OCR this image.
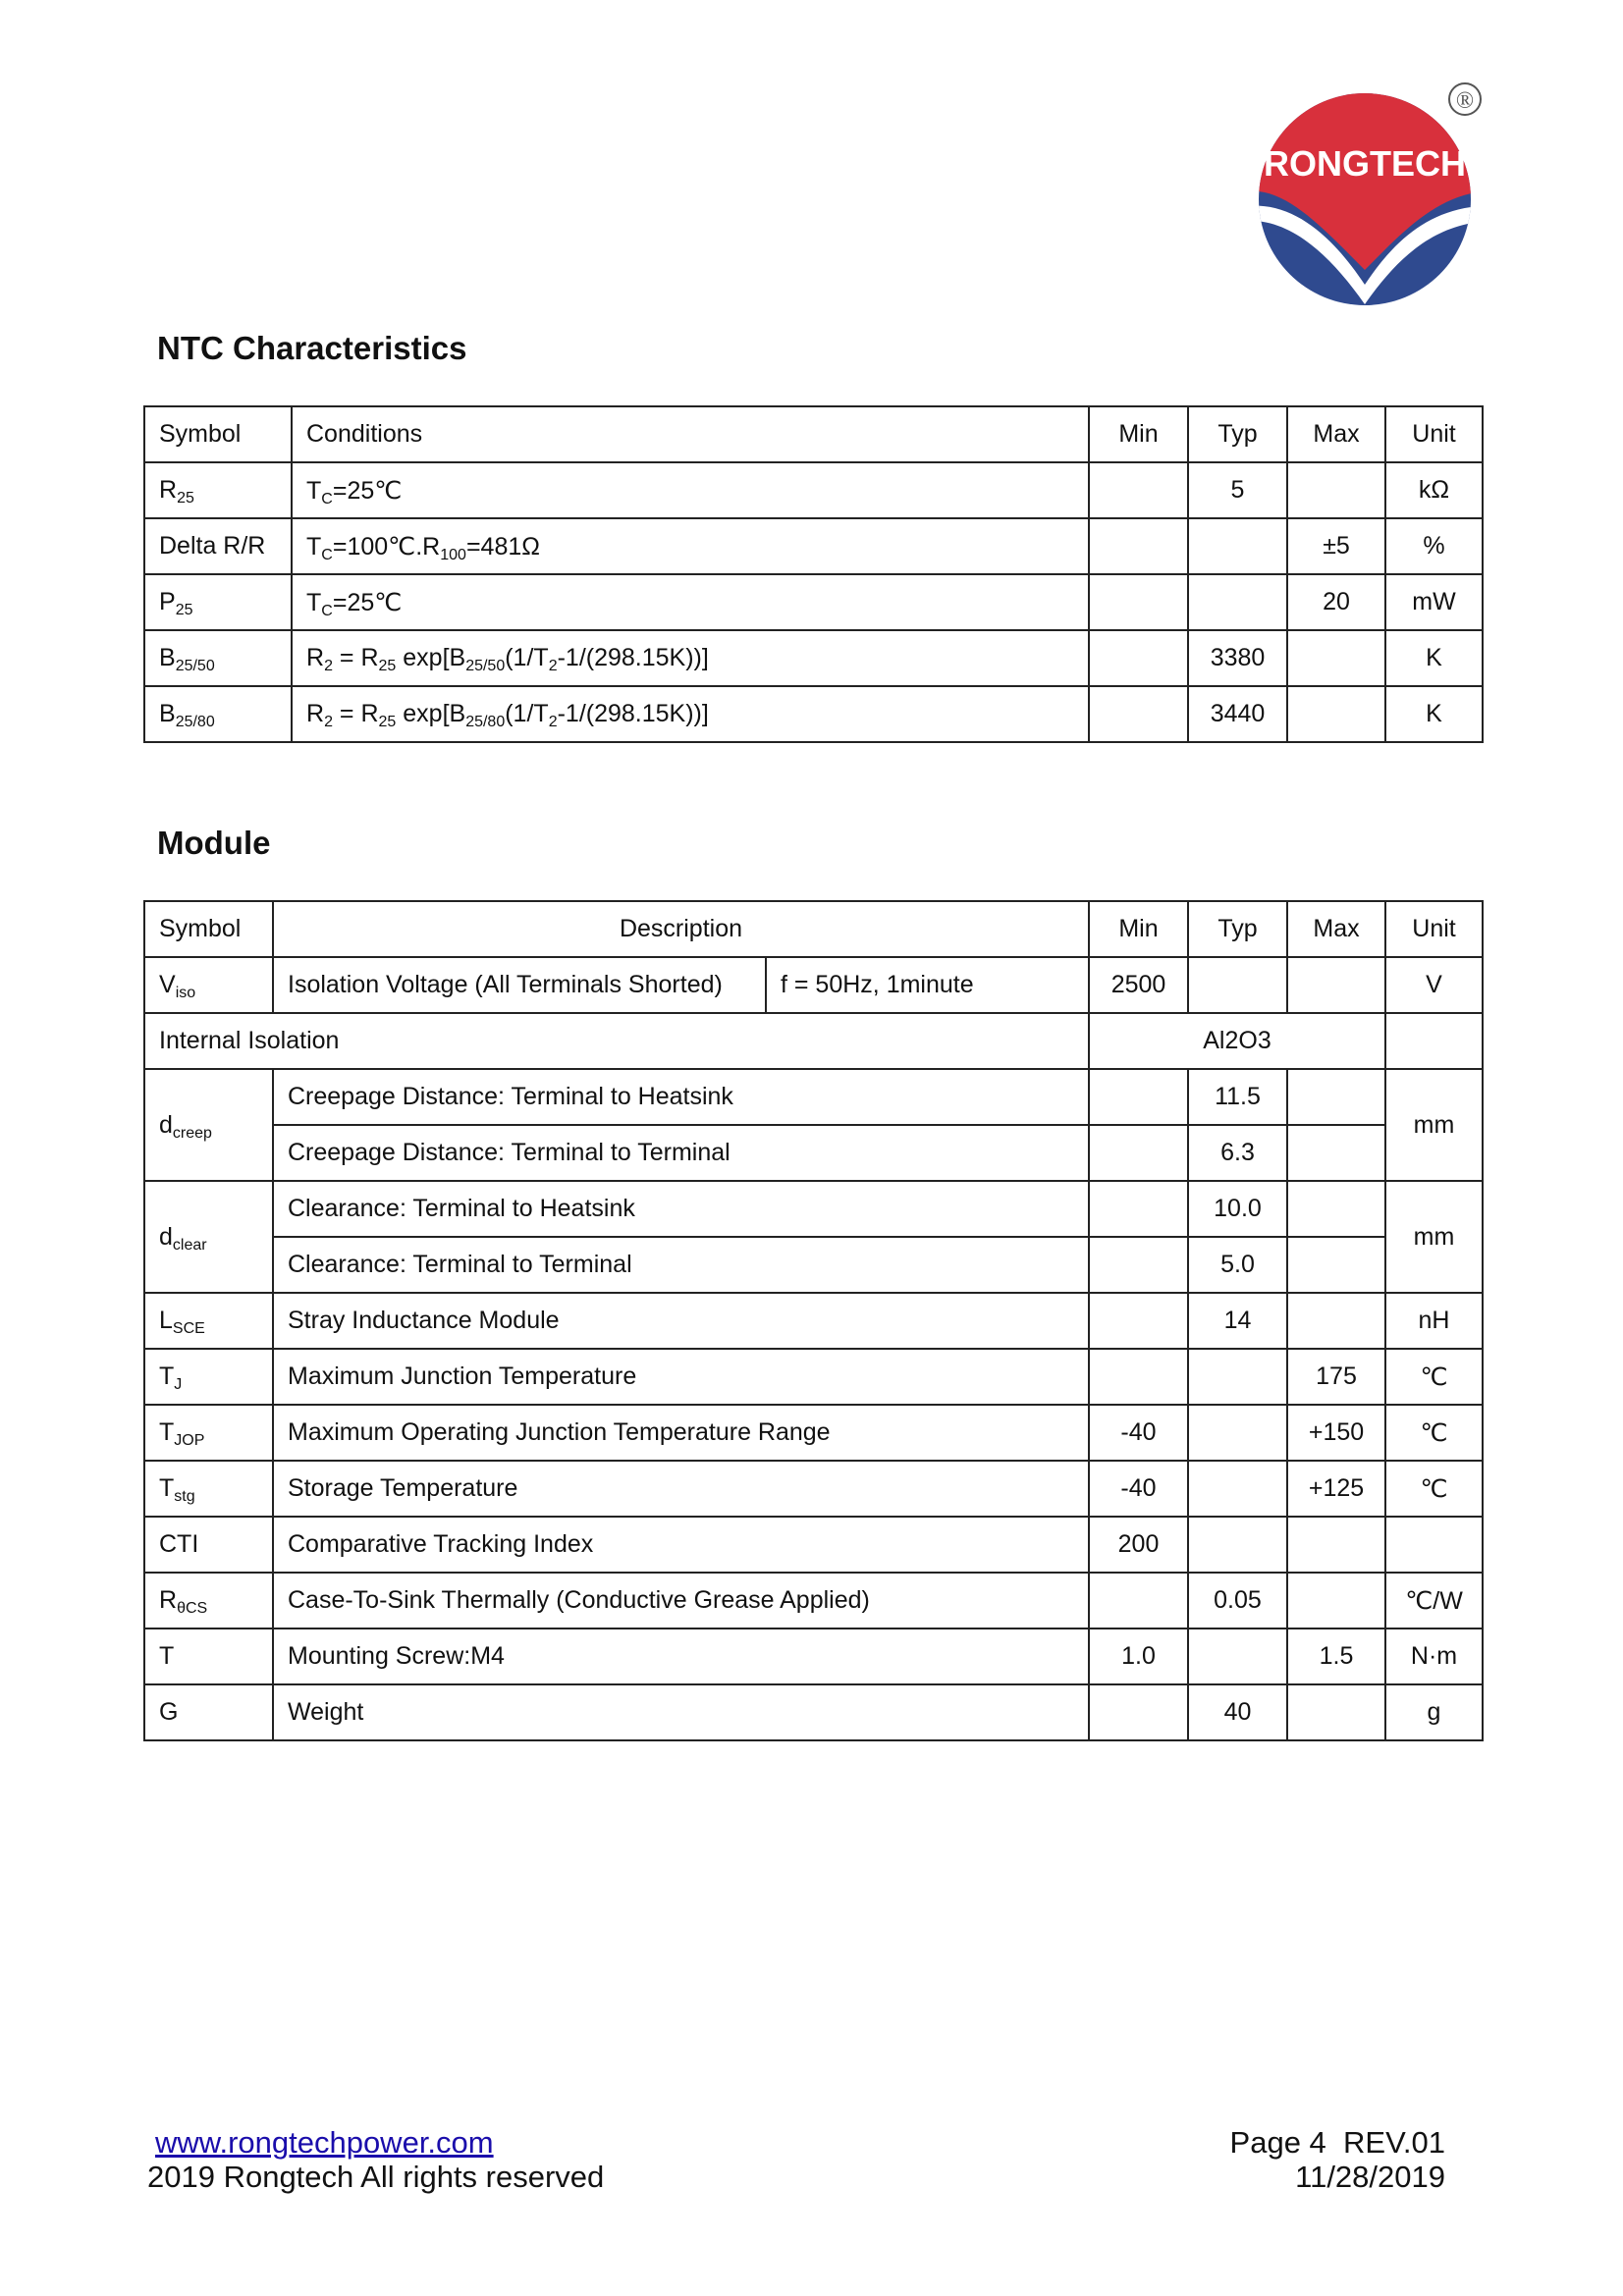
RONGTECH
®
NTC Characteristics
Symbol	Conditions	Min	Typ	Max	Unit
$R_{25}$	$T_C=25℃$		5		kΩ
Delta R/R	$T_C=100℃.R_{100}=481\Omega$			±5	%
$P_{25}$	$T_C=25℃$			20	mW
$B_{25/50}$	$R_2 = R_{25}$ $\exp[B_{25/50}(1/T_2-1/(298.15K))]$		3380		K
$B_{25/80}$	$R_2 = R_{25}$ $\exp[B_{25/80}(1/T_2-1/(298.15K))]$		3440		K
Module
Symbol	Description		Min	Typ	Max	Unit
$V_{iso}$	Isolation Voltage (All Terminals Shorted)	f = 50Hz, 1minute	2500			V
Internal Isolation			Al2O3			
$d_{creep}$	Creepage Distance: Terminal to Heatsink			11.5		mm
	Creepage Distance: Terminal to Terminal			6.3		
$d_{clear}$	Clearance: Terminal to Heatsink			10.0		mm
	Clearance: Terminal to Terminal			5.0		
$L_{SCE}$	Stray Inductance Module			14		nH
$T_J$	Maximum Junction Temperature				175	℃
$T_{JOP}$	Maximum Operating Junction Temperature Range		-40		+150	℃
$T_{stg}$	Storage Temperature		-40		+125	℃
CTI	Comparative Tracking Index		200			
$R_{\theta CS}$	Case-To-Sink Thermally (Conductive Grease Applied)			0.05		℃/W
T	Mounting Screw:M4		1.0		1.5	N·m
G	Weight			40		g
www.rongtechpower.com
2019 Rongtech All rights reserved
Page 4  REV.01
11/28/2019
